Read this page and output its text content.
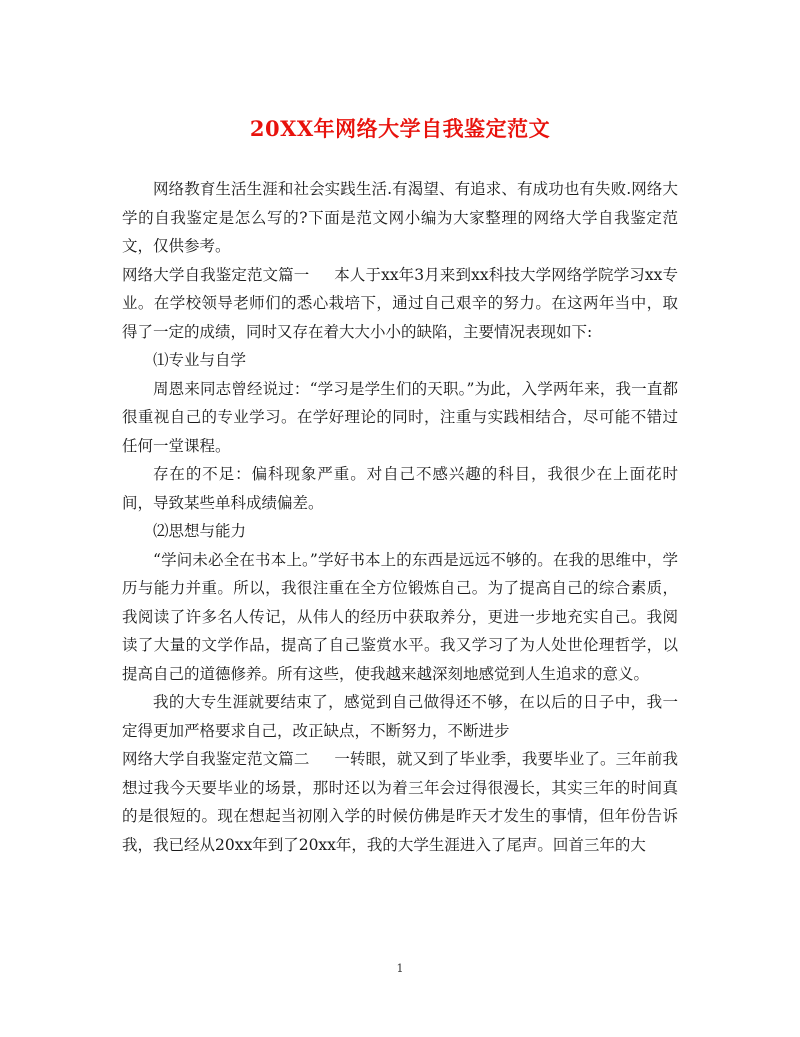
20XX年网络大学自我鉴定范文

网络教育生活生涯和社会实践生活.有渴望、有追求、有成功也有失败.网络大学的自我鉴定是怎么写的?下面是范文网小编为大家整理的网络大学自我鉴定范文，仅供参考。

网络大学自我鉴定范文篇一 本人于xx年3月来到xx科技大学网络学院学习xx专业。在学校领导老师们的悉心栽培下，通过自己艰辛的努力。在这两年当中，取得了一定的成绩，同时又存在着大大小小的缺陷，主要情况表现如下:

⑴专业与自学

周恩来同志曾经说过：“学习是学生们的天职。”为此，入学两年来，我一直都很重视自己的专业学习。在学好理论的同时，注重与实践相结合，尽可能不错过任何一堂课程。

存在的不足：偏科现象严重。对自己不感兴趣的科目，我很少在上面花时间，导致某些单科成绩偏差。

⑵思想与能力

“学问未必全在书本上。”学好书本上的东西是远远不够的。在我的思维中，学历与能力并重。所以，我很注重在全方位锻炼自己。为了提高自己的综合素质，我阅读了许多名人传记，从伟人的经历中获取养分，更进一步地充实自己。我阅读了大量的文学作品，提高了自己鉴赏水平。我又学习了为人处世伦理哲学，以提高自己的道德修养。所有这些，使我越来越深刻地感觉到人生追求的意义。

我的大专生涯就要结束了，感觉到自己做得还不够，在以后的日子中，我一定得更加严格要求自己，改正缺点，不断努力，不断进步

网络大学自我鉴定范文篇二 一转眼，就又到了毕业季，我要毕业了。三年前我想过我今天要毕业的场景，那时还以为着三年会过得很漫长，其实三年的时间真的是很短的。现在想起当初刚入学的时候仿佛是昨天才发生的事情，但年份告诉我，我已经从20xx年到了20xx年，我的大学生涯进入了尾声。回首三年的大

1
